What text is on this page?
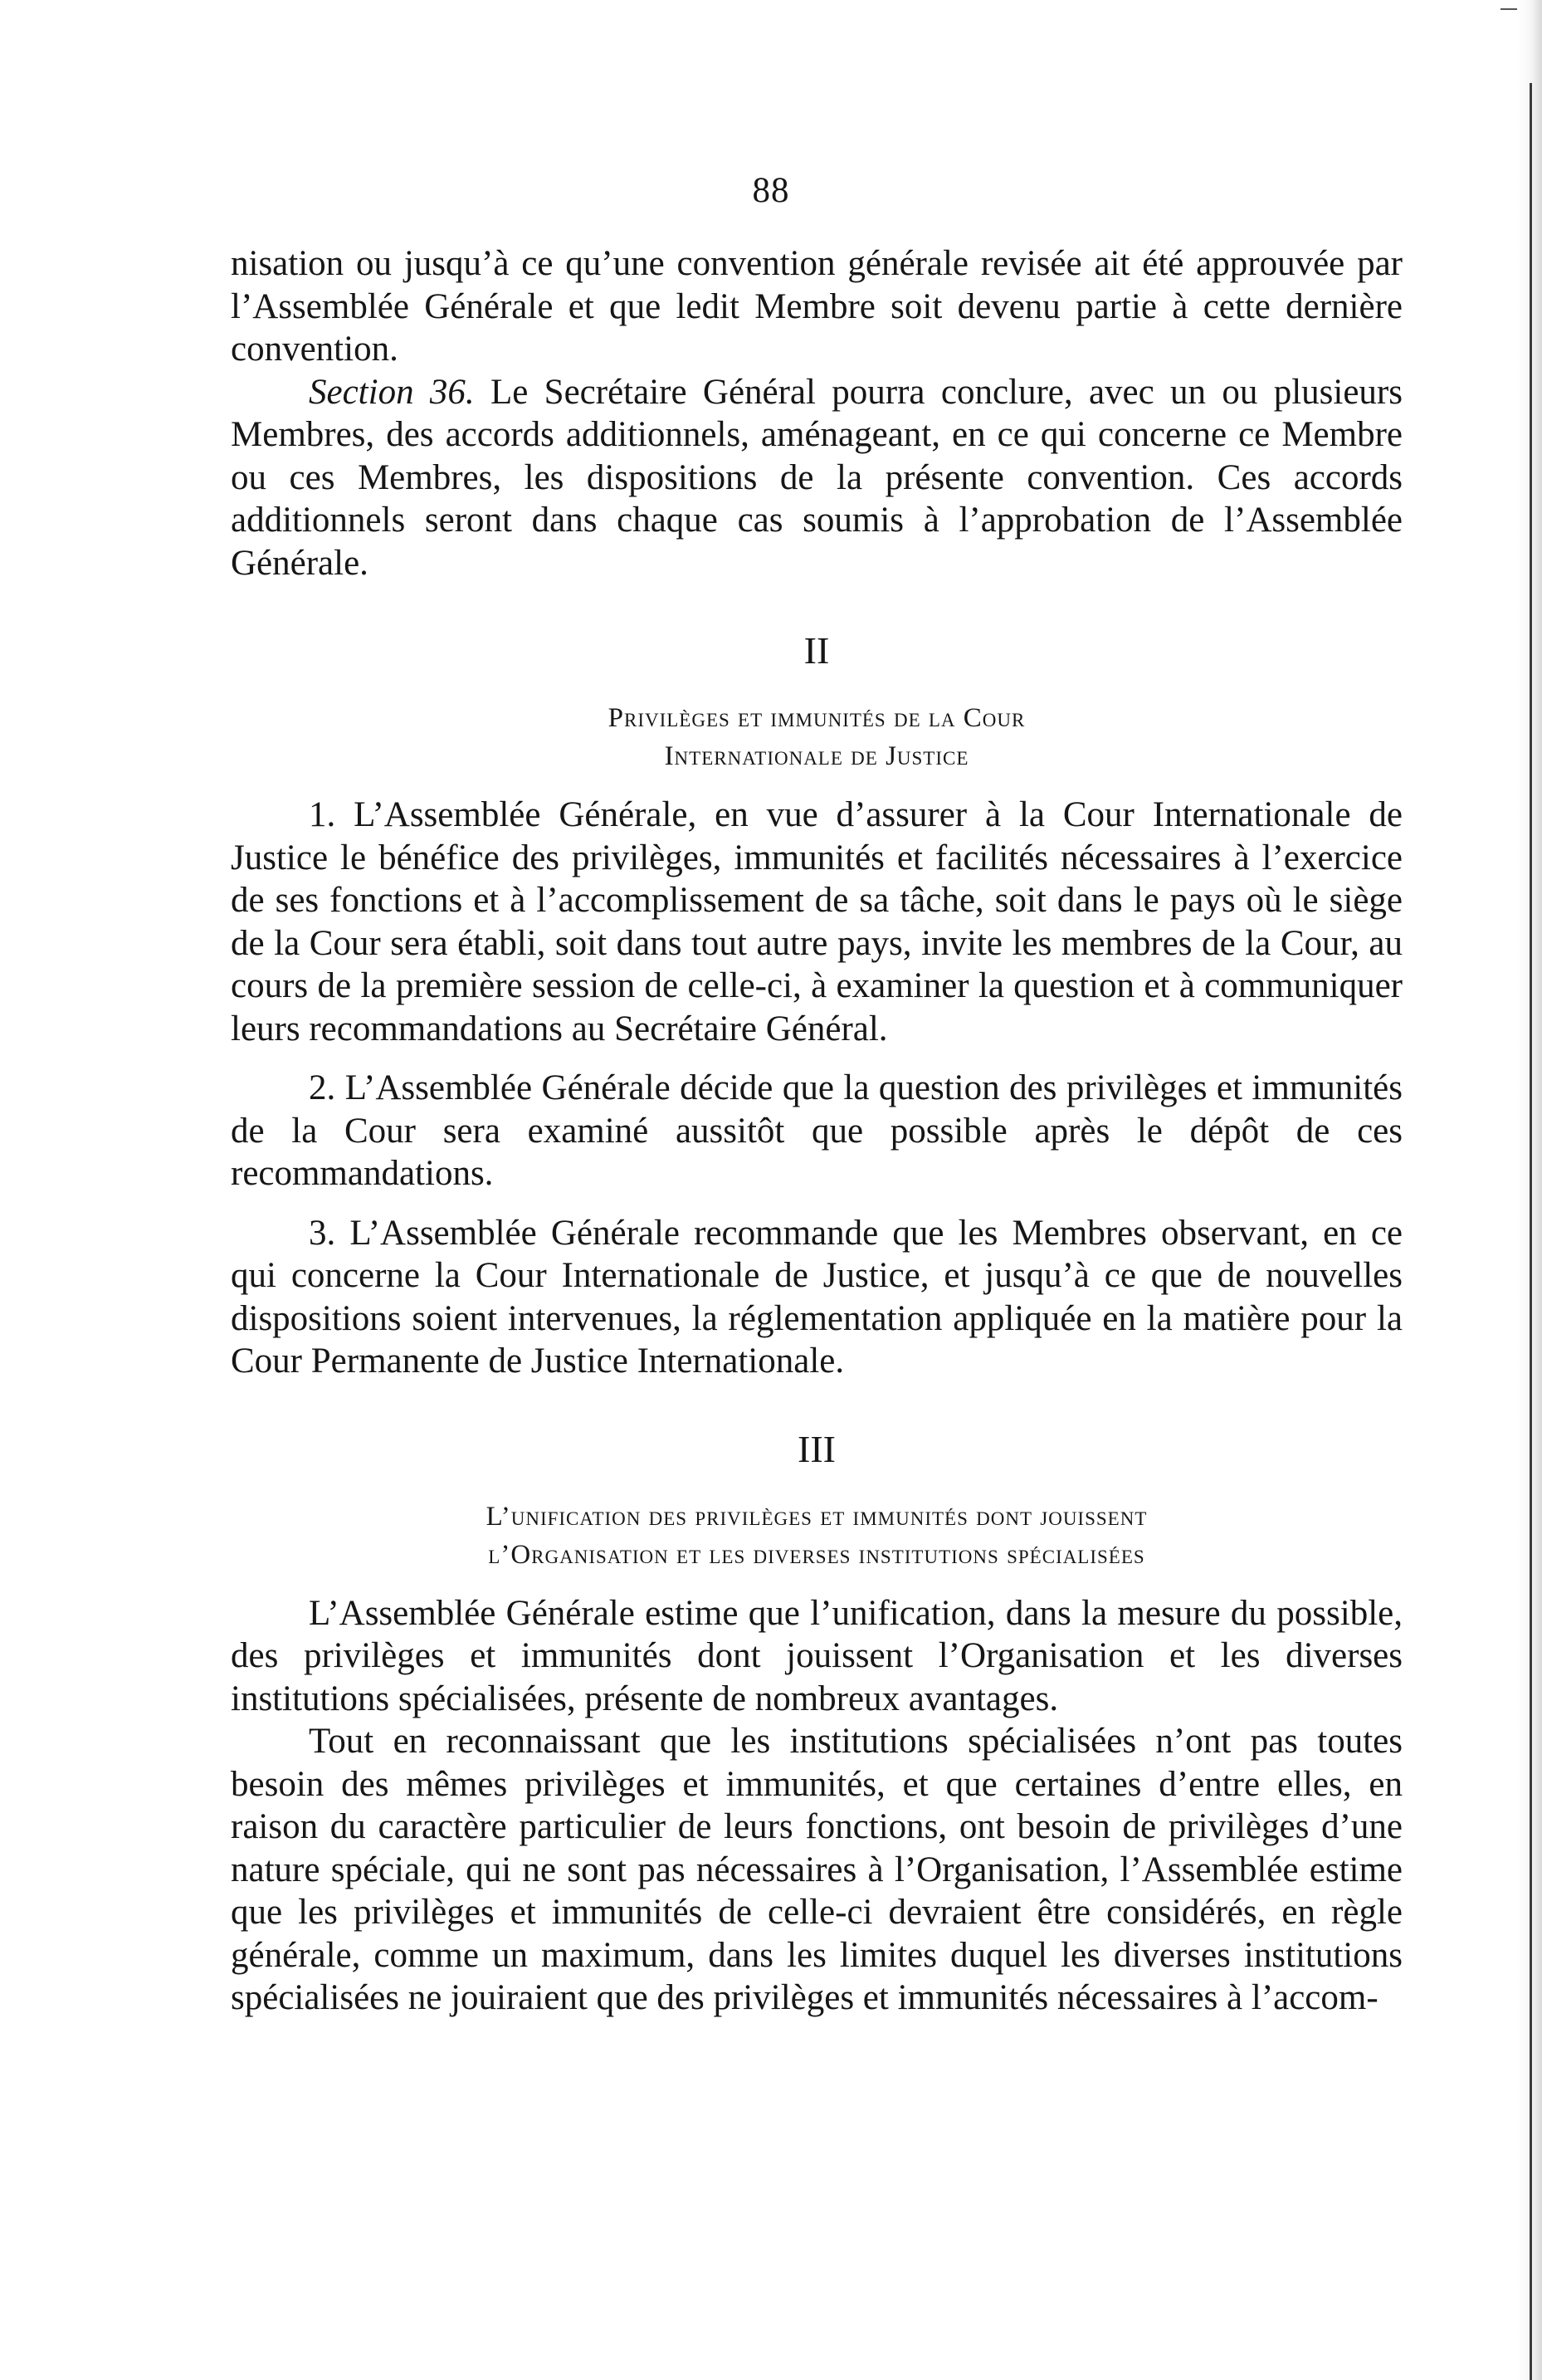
88

nisation ou jusqu’à ce qu’une convention générale revisée ait été approuvée par l’Assemblée Générale et que ledit Membre soit devenu partie à cette dernière convention.

Section 36. Le Secrétaire Général pourra conclure, avec un ou plusieurs Membres, des accords additionnels, aménageant, en ce qui concerne ce Membre ou ces Membres, les dispositions de la présente convention. Ces accords additionnels seront dans chaque cas soumis à l’approbation de l’Assemblée Générale.

II
Privilèges et immunités de la Cour
Internationale de Justice

1. L’Assemblée Générale, en vue d’assurer à la Cour Internationale de Justice le bénéfice des privilèges, immunités et facilités nécessaires à l’exercice de ses fonctions et à l’accomplissement de sa tâche, soit dans le pays où le siège de la Cour sera établi, soit dans tout autre pays, invite les membres de la Cour, au cours de la première session de celle-ci, à examiner la question et à communiquer leurs recommandations au Secrétaire Général.

2. L’Assemblée Générale décide que la question des privilèges et immunités de la Cour sera examiné aussitôt que possible après le dépôt de ces recommandations.

3. L’Assemblée Générale recommande que les Membres observant, en ce qui concerne la Cour Internationale de Justice, et jusqu’à ce que de nouvelles dispositions soient intervenues, la réglementation appliquée en la matière pour la Cour Permanente de Justice Internationale.

III
L’unification des privilèges et immunités dont jouissent
l’Organisation et les diverses institutions spécialisées

L’Assemblée Générale estime que l’unification, dans la mesure du possible, des privilèges et immunités dont jouissent l’Organisation et les diverses institutions spécialisées, présente de nombreux avantages.

Tout en reconnaissant que les institutions spécialisées n’ont pas toutes besoin des mêmes privilèges et immunités, et que certaines d’entre elles, en raison du caractère particulier de leurs fonctions, ont besoin de privilèges d’une nature spéciale, qui ne sont pas nécessaires à l’Organisation, l’Assemblée estime que les privilèges et immunités de celle-ci devraient être considérés, en règle générale, comme un maximum, dans les limites duquel les diverses institutions spécialisées ne jouiraient que des privilèges et immunités nécessaires à l’accom-
